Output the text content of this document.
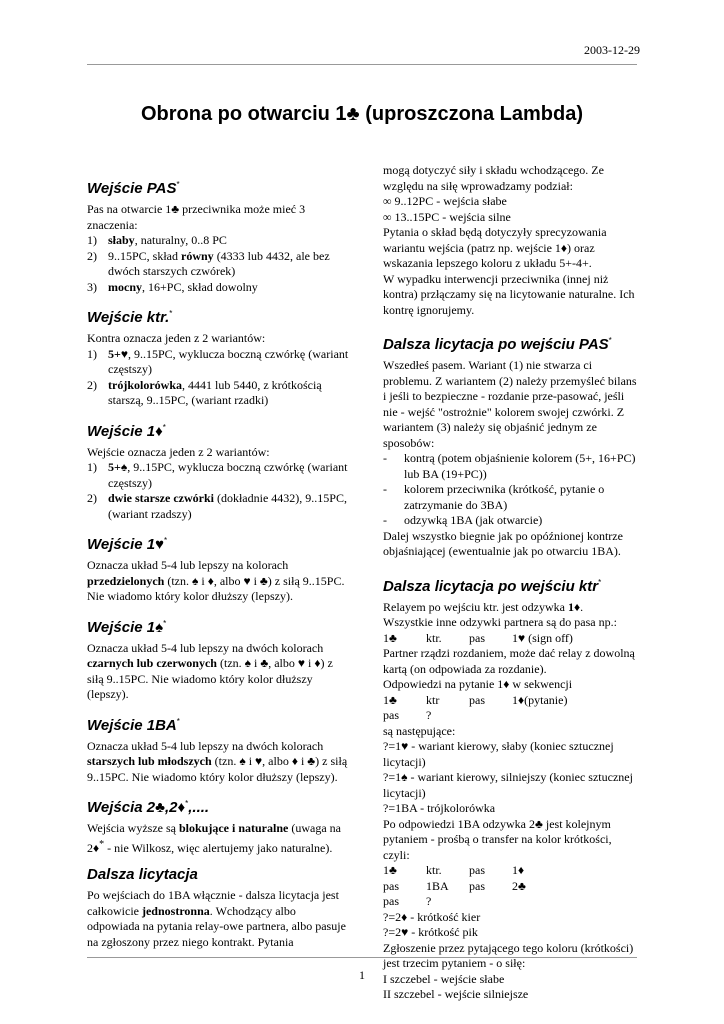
2003-12-29
Obrona po otwarciu 1♣ (uproszczona Lambda)
Wejście PAS*

Pas na otwarcie 1♣ przeciwnika może mieć 3 znaczenia:

1) słaby, naturalny, 0..8 PC
2) 9..15PC, skład równy (4333 lub 4432, ale bez dwóch starszych czwórek)
3) mocny, 16+PC, skład dowolny
Wejście ktr.*

Kontra oznacza jeden z 2 wariantów:

1) 5+♥, 9..15PC, wyklucza boczną czwórkę (wariant częstszy)
2) trójkolorówka, 4441 lub 5440, z krótkością starszą, 9..15PC, (wariant rzadki)
Wejście 1♦*

Wejście oznacza jeden z 2 wariantów:

1) 5+♠, 9..15PC, wyklucza boczną czwórkę (wariant częstszy)
2) dwie starsze czwórki (dokładnie 4432), 9..15PC, (wariant rzadszy)
Wejście 1♥*

Oznacza układ 5-4 lub lepszy na kolorach
przedzielonych (tzn. ♠ i ♦, albo ♥ i ♣) z siłą 9..15PC. Nie wiadomo który kolor dłuższy (lepszy).

Wejście 1♠*

Oznacza układ 5-4 lub lepszy na dwóch kolorach
czarnych lub czerwonych (tzn. ♠ i ♣, albo ♥ i ♦) z siłą 9..15PC. Nie wiadomo który kolor dłuższy (lepszy).

Wejście 1BA*

Oznacza układ 5-4 lub lepszy na dwóch kolorach
starszych lub młodszych (tzn. ♠ i ♥, albo ♦ i ♣) z siłą 9..15PC. Nie wiadomo który kolor dłuższy (lepszy).

Wejścia 2♣,2♦*,....

Wejścia wyższe są blokujące i naturalne (uwaga na 2♦* - nie Wilkosz, więc alertujemy jako naturalne).

Dalsza licytacja

Po wejściach do 1BA włącznie - dalsza licytacja jest całkowicie jednostronna. Wchodzący albo odpowiada na pytania relay-owe partnera, albo pasuje na zgłoszony przez niego kontrakt. Pytania

mogą dotyczyć siły i składu wchodzącego. Ze względu na siłę wprowadzamy podział:

∞ 9..12PC - wejścia słabe

∞ 13..15PC - wejścia silne

Pytania o skład będą dotyczyły sprecyzowania wariantu wejścia (patrz np. wejście 1♦) oraz wskazania lepszego koloru z układu 5+-4+.

W wypadku interwencji przeciwnika (innej niż kontra) przłączamy się na licytowanie naturalne. Ich kontrę ignorujemy.

Dalsza licytacja po wejściu PAS*

Wszedłeś pasem. Wariant (1) nie stwarza ci problemu. Z wariantem (2) należy przemyśleć bilans i jeśli to bezpieczne - rozdanie prze-pasować, jeśli nie - wejść "ostrożnie" kolorem swojej czwórki. Z wariantem (3) należy się objaśnić jednym ze sposobów:

- kontrą (potem objaśnienie kolorem (5+, 16+PC) lub BA (19+PC))
- kolorem przeciwnika (krótkość, pytanie o zatrzymanie do 3BA)
- odzywką 1BA (jak otwarcie)

Dalej wszystko biegnie jak po opóźnionej kontrze objaśniającej (ewentualnie jak po otwarciu 1BA).

Dalsza licytacja po wejściu ktr*

Relayem po wejściu ktr. jest odzywka 1♦.

Wszystkie inne odzywki partnera są do pasa np.:

1♣	ktr.	pas	1♥ (sign off)

Partner rządzi rozdaniem, może dać relay z dowolną kartą (on odpowiada za rozdanie).

Odpowiedzi na pytanie 1♦ w sekwencji

1♣	ktr	pas	1♦(pytanie)
pas	?

są następujące:

?=1♥ - wariant kierowy, słaby (koniec sztucznej licytacji)

?=1♠ - wariant kierowy, silniejszy (koniec sztucznej licytacji)

?=1BA - trójkolorówka

Po odpowiedzi 1BA odzywka 2♣ jest kolejnym pytaniem - prośbą o transfer na kolor krótkości, czyli:

1♣	ktr.	pas	1♦
pas	1BA	pas	2♣
pas	?

?=2♦ - krótkość kier

?=2♥ - krótkość pik

Zgłoszenie przez pytającego tego koloru (krótkości) jest trzecim pytaniem - o siłę:

I szczebel - wejście słabe

II szczebel - wejście silniejsze

1
